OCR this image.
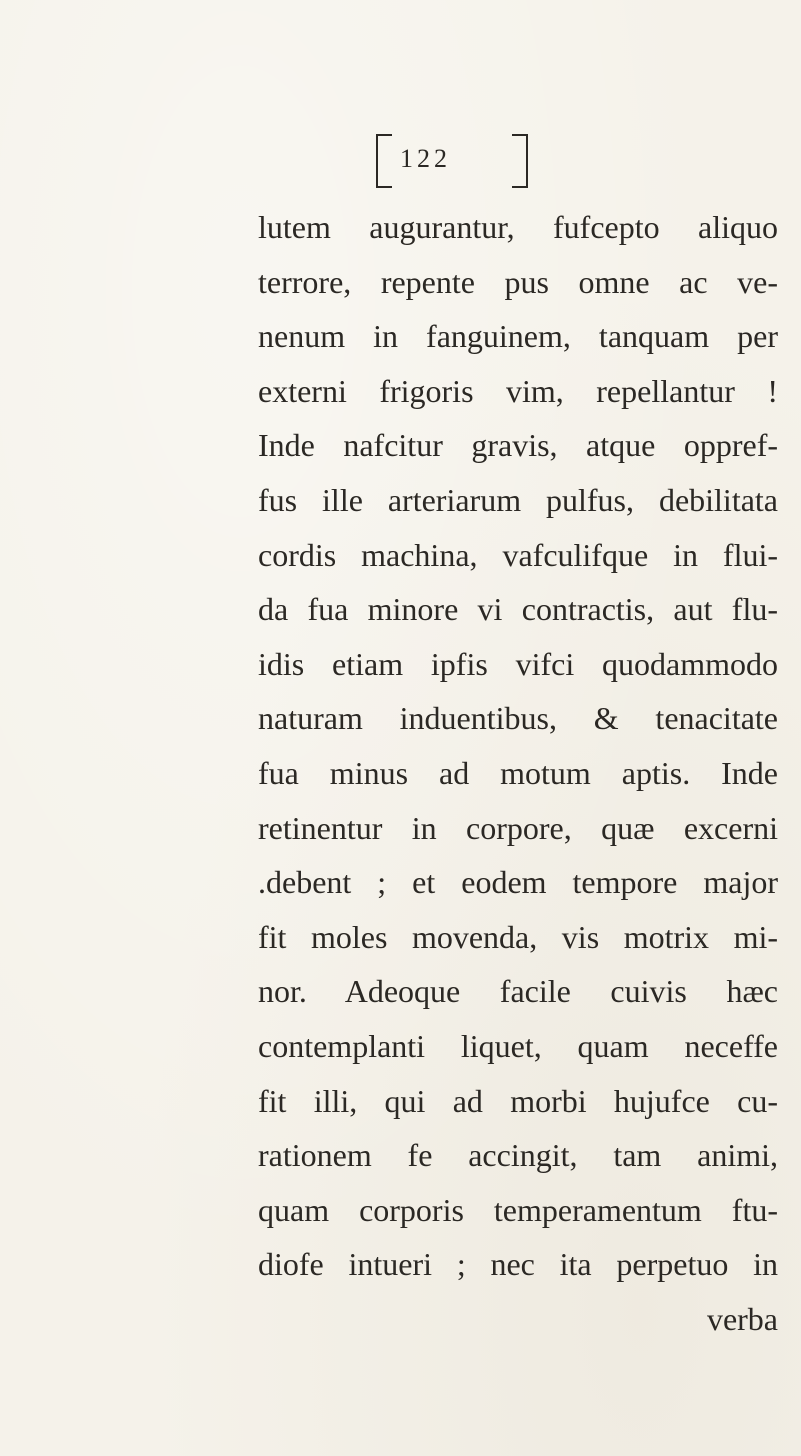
122
lutem augurantur, fufcepto aliquo
terrore, repente pus omne ac ve-
nenum in fanguinem, tanquam per
externi frigoris vim, repellantur !
Inde nafcitur gravis, atque oppref-
fus ille arteriarum pulfus, debilitata
cordis machina, vafculifque in flui-
da fua minore vi contractis, aut flu-
idis etiam ipfis vifci quodammodo
naturam induentibus, & tenacitate
fua minus ad motum aptis. Inde
retinentur in corpore, quæ excerni
.debent ; et eodem tempore major
fit moles movenda, vis motrix mi-
nor. Adeoque facile cuivis hæc
contemplanti liquet, quam neceffe
fit illi, qui ad morbi hujufce cu-
rationem fe accingit, tam animi,
quam corporis temperamentum ftu-
diofe intueri ; nec ita perpetuo in
verba
